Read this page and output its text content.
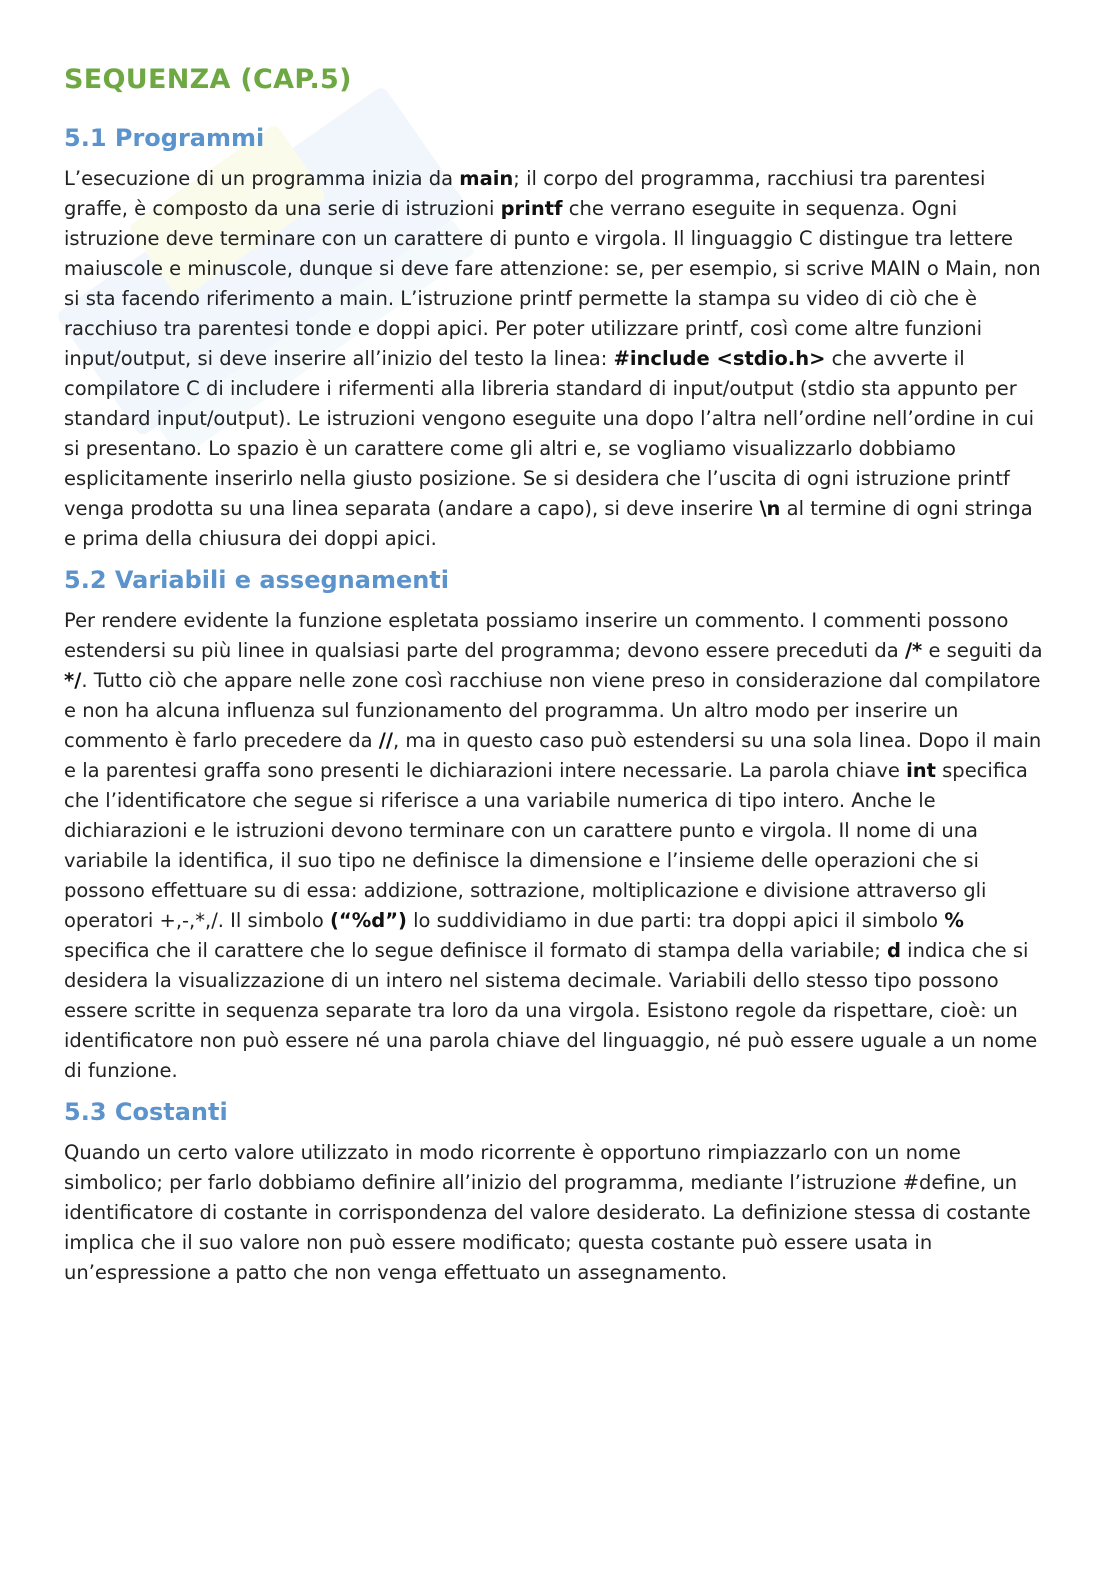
SEQUENZA (CAP.5)
5.1 Programmi

L’esecuzione di un programma inizia da main; il corpo del programma, racchiusi tra parentesi graffe, è composto da una serie di istruzioni printf che verrano eseguite in sequenza. Ogni istruzione deve terminare con un carattere di punto e virgola. Il linguaggio C distingue tra lettere maiuscole e minuscole, dunque si deve fare attenzione: se, per esempio, si scrive MAIN o Main, non si sta facendo riferimento a main. L’istruzione printf permette la stampa su video di ciò che è racchiuso tra parentesi tonde e doppi apici. Per poter utilizzare printf, così come altre funzioni input/output, si deve inserire all’inizio del testo la linea: #include <stdio.h> che avverte il compilatore C di includere i rifermenti alla libreria standard di input/output (stdio sta appunto per standard input/output). Le istruzioni vengono eseguite una dopo l’altra nell’ordine nell’ordine in cui si presentano. Lo spazio è un carattere come gli altri e, se vogliamo visualizzarlo dobbiamo esplicitamente inserirlo nella giusto posizione. Se si desidera che l’uscita di ogni istruzione printf venga prodotta su una linea separata (andare a capo), si deve inserire \n al termine di ogni stringa e prima della chiusura dei doppi apici.

5.2 Variabili e assegnamenti

Per rendere evidente la funzione espletata possiamo inserire un commento. I commenti possono estendersi su più linee in qualsiasi parte del programma; devono essere preceduti da /* e seguiti da */. Tutto ciò che appare nelle zone così racchiuse non viene preso in considerazione dal compilatore e non ha alcuna influenza sul funzionamento del programma. Un altro modo per inserire un commento è farlo precedere da //, ma in questo caso può estendersi su una sola linea. Dopo il main e la parentesi graffa sono presenti le dichiarazioni intere necessarie. La parola chiave int specifica che l’identificatore che segue si riferisce a una variabile numerica di tipo intero. Anche le dichiarazioni e le istruzioni devono terminare con un carattere punto e virgola. Il nome di una variabile la identifica, il suo tipo ne definisce la dimensione e l’insieme delle operazioni che si possono effettuare su di essa: addizione, sottrazione, moltiplicazione e divisione attraverso gli operatori +,-,*,/. Il simbolo (“%d”) lo suddividiamo in due parti: tra doppi apici il simbolo % specifica che il carattere che lo segue definisce il formato di stampa della variabile; d indica che si desidera la visualizzazione di un intero nel sistema decimale. Variabili dello stesso tipo possono essere scritte in sequenza separate tra loro da una virgola. Esistono regole da rispettare, cioè: un identificatore non può essere né una parola chiave del linguaggio, né può essere uguale a un nome di funzione.

5.3 Costanti

Quando un certo valore utilizzato in modo ricorrente è opportuno rimpiazzarlo con un nome simbolico; per farlo dobbiamo definire all’inizio del programma, mediante l’istruzione #define, un identificatore di costante in corrispondenza del valore desiderato. La definizione stessa di costante implica che il suo valore non può essere modificato; questa costante può essere usata in un’espressione a patto che non venga effettuato un assegnamento.
